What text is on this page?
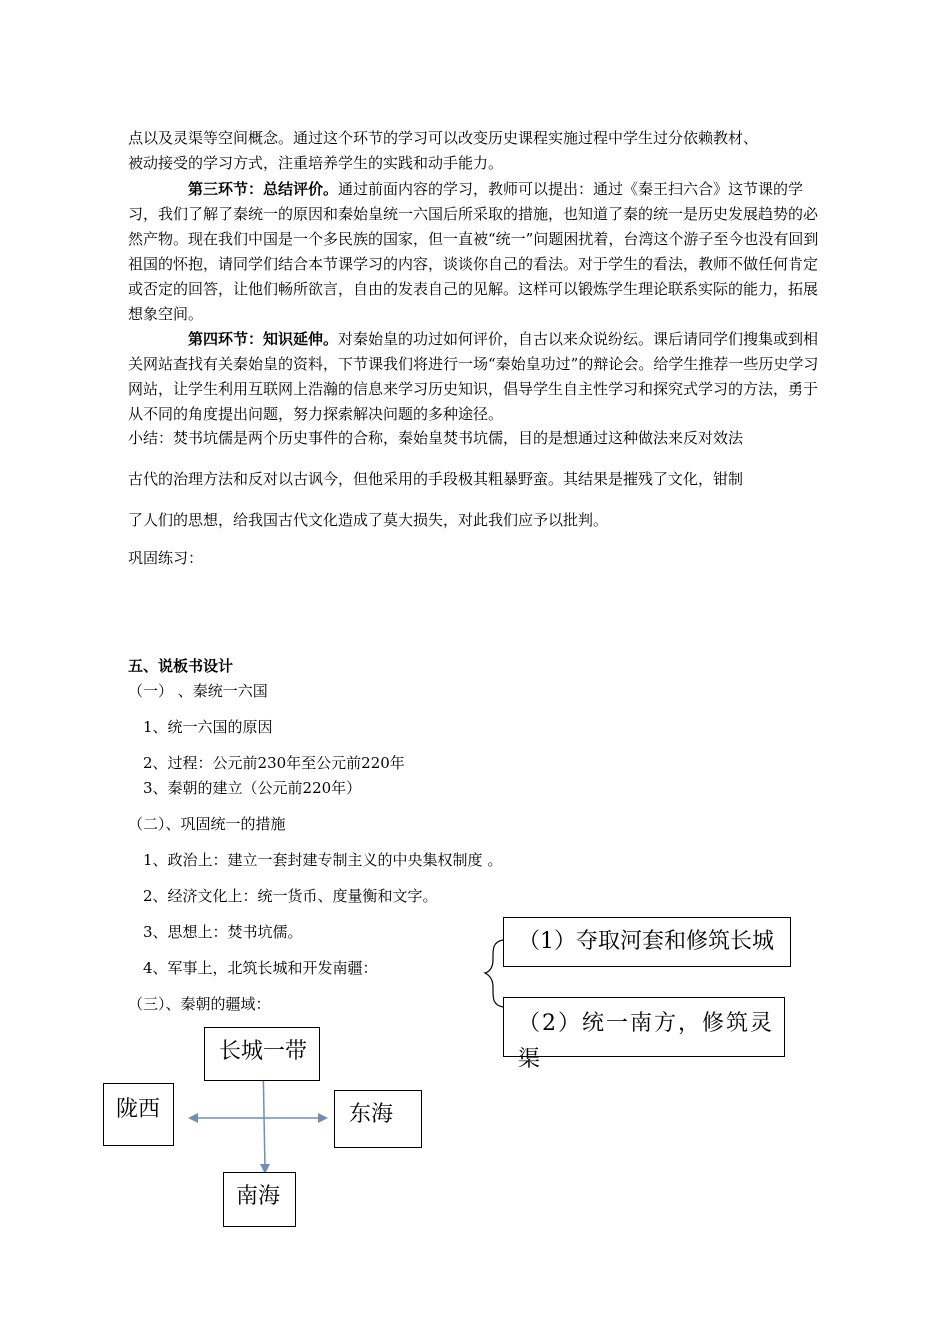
点以及灵渠等空间概念。通过这个环节的学习可以改变历史课程实施过程中学生过分依赖教材、
被动接受的学习方式，注重培养学生的实践和动手能力。
第三环节：总结评价。通过前面内容的学习，教师可以提出：通过《秦王扫六合》这节课的学习，我们了解了秦统一的原因和秦始皇统一六国后所采取的措施，也知道了秦的统一是历史发展趋势的必然产物。现在我们中国是一个多民族的国家，但一直被“统一”问题困扰着，台湾这个游子至今也没有回到祖国的怀抱，请同学们结合本节课学习的内容，谈谈你自己的看法。对于学生的看法，教师不做任何肯定或否定的回答，让他们畅所欲言，自由的发表自己的见解。这样可以锻炼学生理论联系实际的能力，拓展想象空间。
第四环节：知识延伸。对秦始皇的功过如何评价，自古以来众说纷纭。课后请同学们搜集或到相关网站查找有关秦始皇的资料，下节课我们将进行一场“秦始皇功过”的辩论会。给学生推荐一些历史学习网站，让学生利用互联网上浩瀚的信息来学习历史知识，倡导学生自主性学习和探究式学习的方法，勇于从不同的角度提出问题，努力探索解决问题的多种途径。
小结：焚书坑儒是两个历史事件的合称，秦始皇焚书坑儒，目的是想通过这种做法来反对效法
古代的治理方法和反对以古讽今，但他采用的手段极其粗暴野蛮。其结果是摧残了文化，钳制
了人们的思想，给我国古代文化造成了莫大损失，对此我们应予以批判。
巩固练习：
五、说板书设计
（一） 、秦统一六国
1、统一六国的原因
2、过程：公元前230年至公元前220年
3、秦朝的建立（公元前220年）
（二）、巩固统一的措施
1、政治上：建立一套封建专制主义的中央集权制度 。
2、经济文化上：统一货币、度量衡和文字。
3、思想上：焚书坑儒。
4、军事上，北筑长城和开发南疆：
（三）、秦朝的疆域：
（1）夺取河套和修筑长城
（2）统一南方，修筑灵
渠
长城一带
陇西	东海
南海
